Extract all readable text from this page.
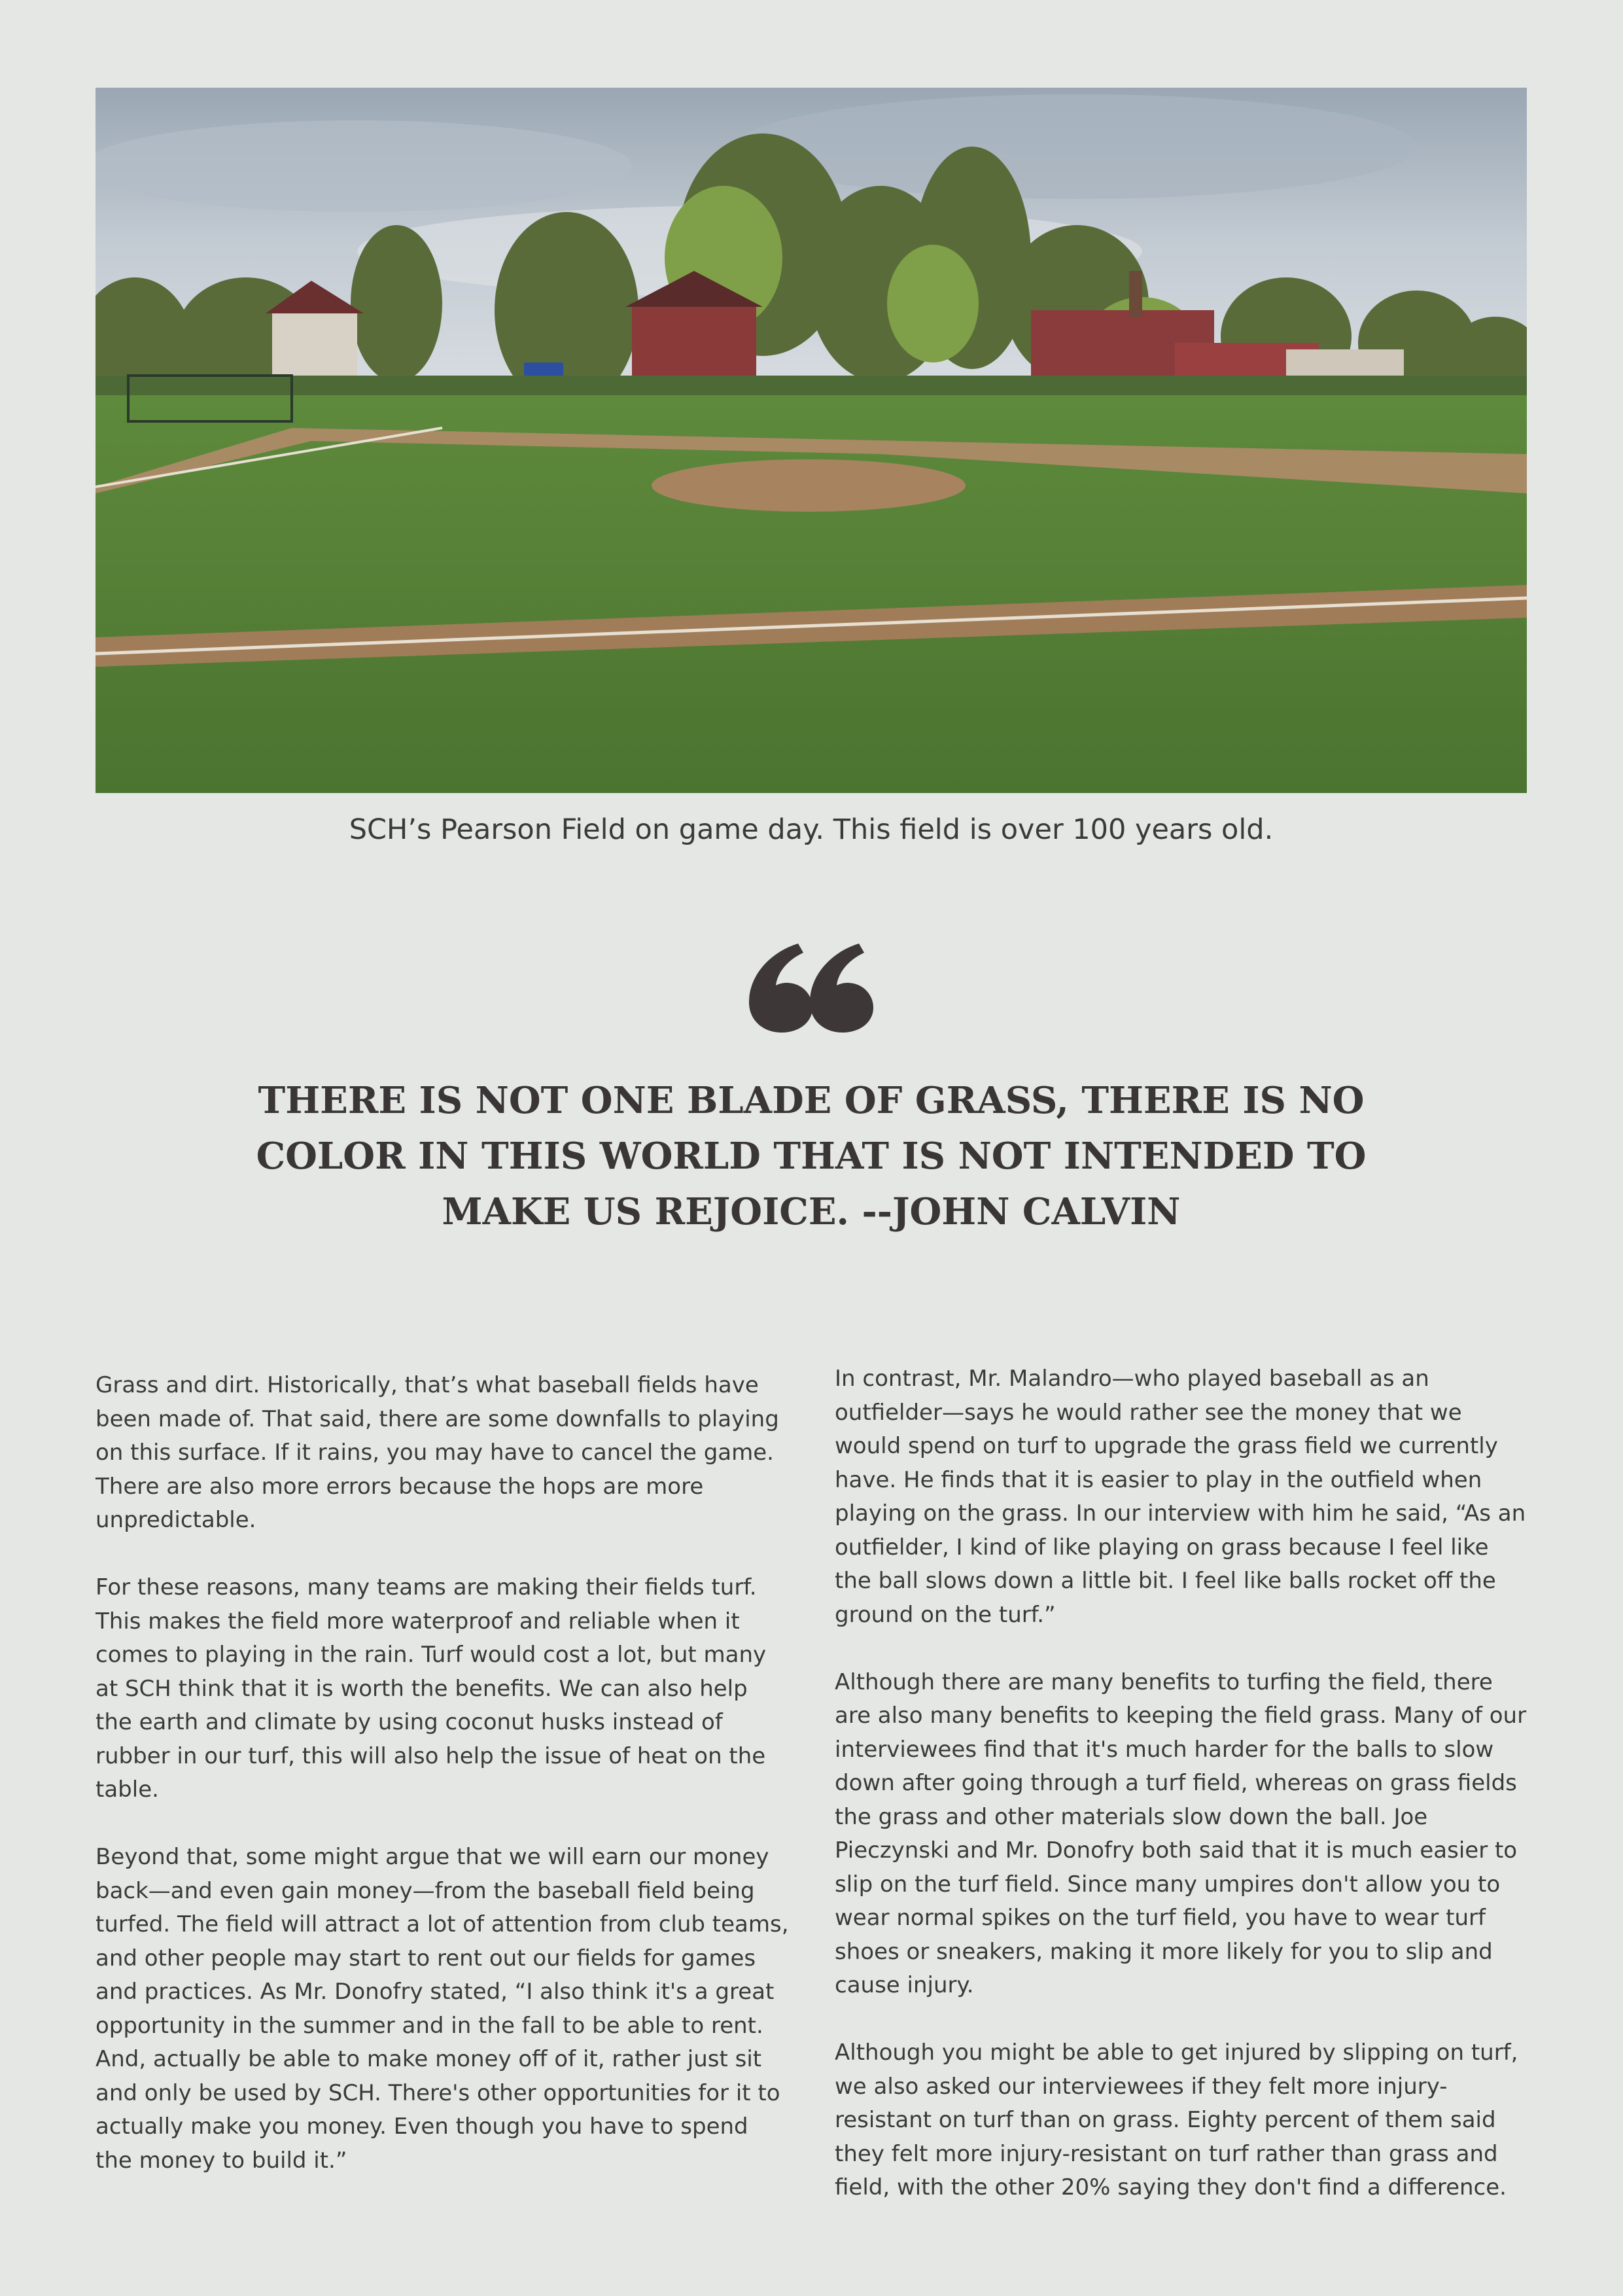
SCH’s Pearson Field on game day. This field is over 100 years old.
THERE IS NOT ONE BLADE OF GRASS, THERE IS NO COLOR IN THIS WORLD THAT IS NOT INTENDED TO MAKE US REJOICE. --JOHN CALVIN

Grass and dirt. Historically, that’s what baseball fields have been made of. That said, there are some downfalls to playing on this surface. If it rains, you may have to cancel the game. There are also more errors because the hops are more unpredictable.

For these reasons, many teams are making their fields turf. This makes the field more waterproof and reliable when it comes to playing in the rain. Turf would cost a lot, but many at SCH think that it is worth the benefits. We can also help the earth and climate by using coconut husks instead of rubber in our turf, this will also help the issue of heat on the table.

Beyond that, some might argue that we will earn our money back—and even gain money—from the baseball field being turfed. The field will attract a lot of attention from club teams, and other people may start to rent out our fields for games and practices. As Mr. Donofry stated, “I also think it's a great opportunity in the summer and in the fall to be able to rent. And, actually be able to make money off of it, rather just sit and only be used by SCH. There's other opportunities for it to actually make you money. Even though you have to spend the money to build it.”

In contrast, Mr. Malandro—who played baseball as an outfielder—says he would rather see the money that we would spend on turf to upgrade the grass field we currently have. He finds that it is easier to play in the outfield when playing on the grass. In our interview with him he said, “As an outfielder, I kind of like playing on grass because I feel like the ball slows down a little bit. I feel like balls rocket off the ground on the turf.”

Although there are many benefits to turfing the field, there are also many benefits to keeping the field grass. Many of our interviewees find that it's much harder for the balls to slow down after going through a turf field, whereas on grass fields the grass and other materials slow down the ball. Joe Pieczynski and Mr. Donofry both said that it is much easier to slip on the turf field. Since many umpires don't allow you to wear normal spikes on the turf field, you have to wear turf shoes or sneakers, making it more likely for you to slip and cause injury.

Although you might be able to get injured by slipping on turf, we also asked our interviewees if they felt more injury-resistant on turf than on grass. Eighty percent of them said they felt more injury-resistant on turf rather than grass and field, with the other 20% saying they don't find a difference.
